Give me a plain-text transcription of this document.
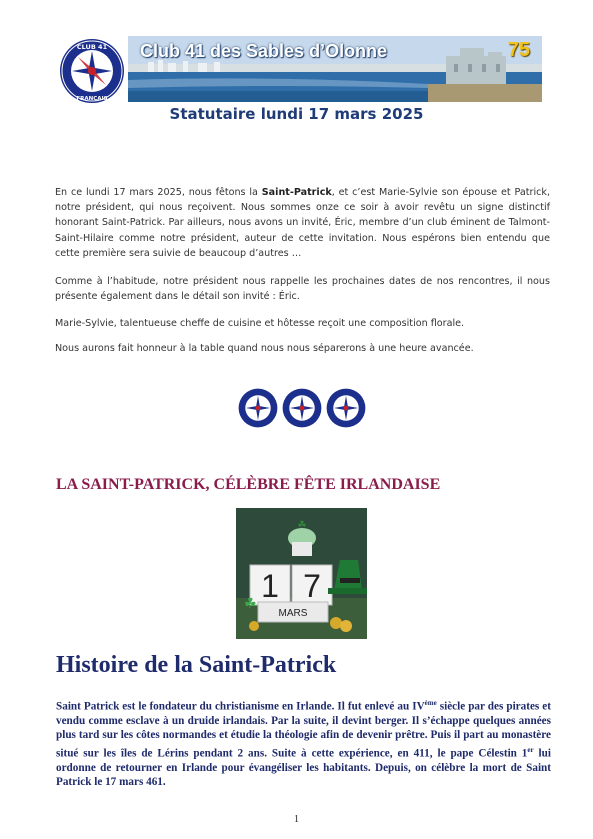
CLUB 41
FRANÇAIS
Club 41 des Sables d’Olonne	75
Statutaire lundi 17 mars 2025

En ce lundi 17 mars 2025, nous fêtons la Saint-Patrick, et c’est Marie-Sylvie son épouse et Patrick, notre président, qui nous reçoivent. Nous sommes onze ce soir à avoir revêtu un signe distinctif honorant Saint-Patrick. Par ailleurs, nous avons un invité, Éric, membre d’un club éminent de Talmont-Saint-Hilaire comme notre président, auteur de cette invitation. Nous espérons bien entendu que cette première sera suivie de beaucoup d’autres …

Comme à l’habitude, notre président nous rappelle les prochaines dates de nos rencontres, il nous présente également dans le détail son invité : Éric.

Marie-Sylvie, talentueuse cheffe de cuisine et hôtesse reçoit une composition florale.

Nous aurons fait honneur à la table quand nous nous séparerons à une heure avancée.

LA SAINT-PATRICK, CÉLÈBRE FÊTE IRLANDAISE
☘
1 7
MARS
☘
Histoire de la Saint-Patrick

Saint Patrick est le fondateur du christianisme en Irlande. Il fut enlevé au IVème siècle par des pirates et vendu comme esclave à un druide irlandais. Par la suite, il devint berger. Il s’échappe quelques années plus tard sur les côtes normandes et étudie la théologie afin de devenir prêtre. Puis il part au monastère situé sur les îles de Lérins pendant 2 ans. Suite à cette expérience, en 411, le pape Célestin 1er lui ordonne de retourner en Irlande pour évangéliser les habitants. Depuis, on célèbre la mort de Saint Patrick le 17 mars 461.

1
